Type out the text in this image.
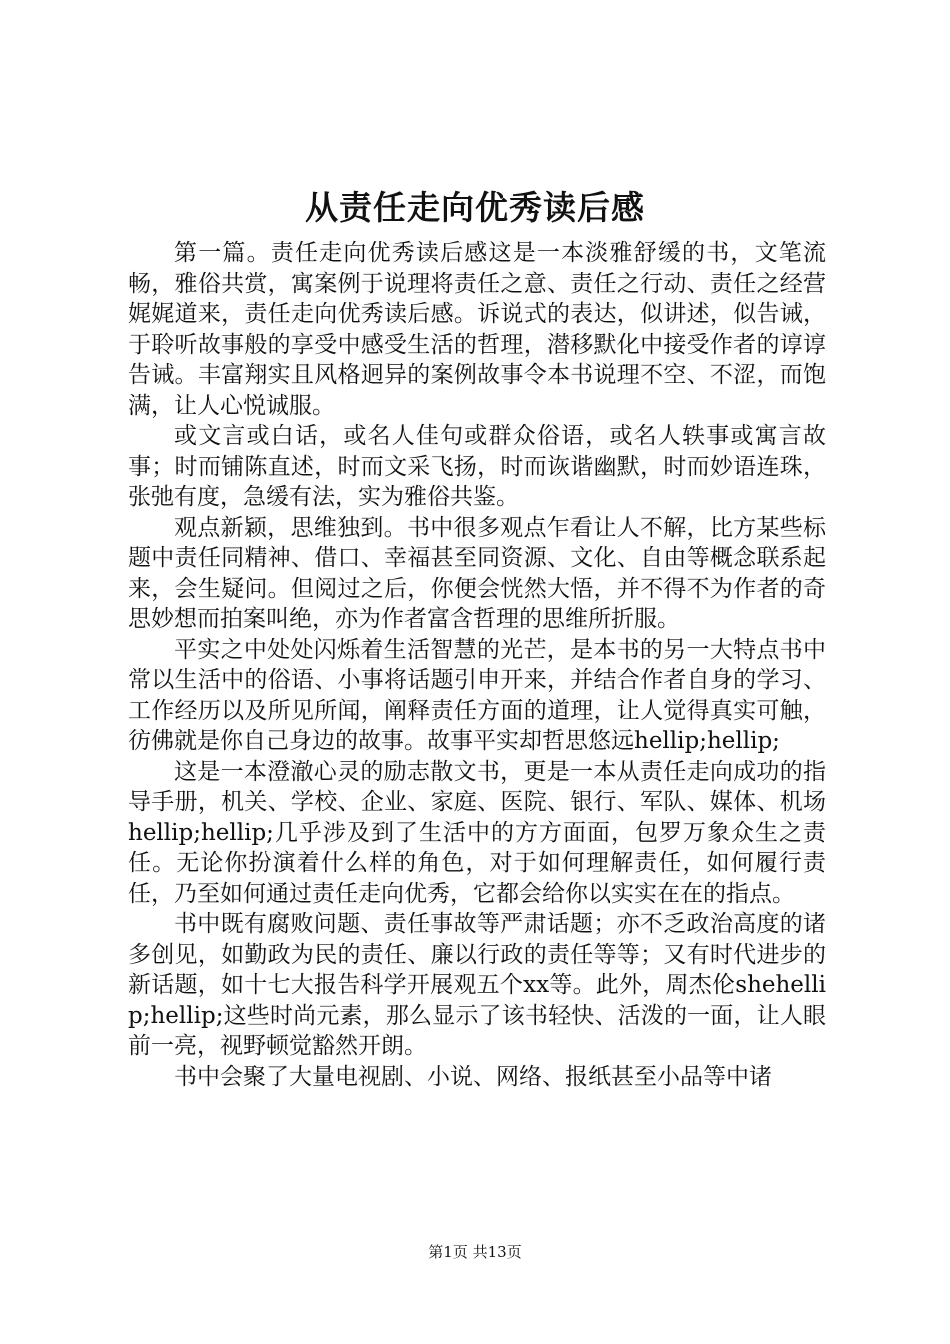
从责任走向优秀读后感

第一篇。责任走向优秀读后感这是一本淡雅舒缓的书，文笔流畅，雅俗共赏，寓案例于说理将责任之意、责任之行动、责任之经营娓娓道来，责任走向优秀读后感。诉说式的表达，似讲述，似告诫，于聆听故事般的享受中感受生活的哲理，潜移默化中接受作者的谆谆告诫。丰富翔实且风格迥异的案例故事令本书说理不空、不涩，而饱满，让人心悦诚服。

或文言或白话，或名人佳句或群众俗语，或名人轶事或寓言故事；时而铺陈直述，时而文采飞扬，时而诙谐幽默，时而妙语连珠，张弛有度，急缓有法，实为雅俗共鉴。

观点新颖，思维独到。书中很多观点乍看让人不解，比方某些标题中责任同精神、借口、幸福甚至同资源、文化、自由等概念联系起来，会生疑问。但阅过之后，你便会恍然大悟，并不得不为作者的奇思妙想而拍案叫绝，亦为作者富含哲理的思维所折服。

平实之中处处闪烁着生活智慧的光芒，是本书的另一大特点书中常以生活中的俗语、小事将话题引申开来，并结合作者自身的学习、工作经历以及所见所闻，阐释责任方面的道理，让人觉得真实可触，彷佛就是你自己身边的故事。故事平实却哲思悠远hellip;hellip;

这是一本澄澈心灵的励志散文书，更是一本从责任走向成功的指导手册，机关、学校、企业、家庭、医院、银行、军队、媒体、机场hellip;hellip;几乎涉及到了生活中的方方面面，包罗万象众生之责任。无论你扮演着什么样的角色，对于如何理解责任，如何履行责任，乃至如何通过责任走向优秀，它都会给你以实实在在的指点。

书中既有腐败问题、责任事故等严肃话题；亦不乏政治高度的诸多创见，如勤政为民的责任、廉以行政的责任等等；又有时代进步的新话题，如十七大报告科学开展观五个xx等。此外，周杰伦shehellip;hellip;这些时尚元素，那么显示了该书轻快、活泼的一面，让人眼前一亮，视野顿觉豁然开朗。

书中会聚了大量电视剧、小说、网络、报纸甚至小品等中诸

第1页 共13页
